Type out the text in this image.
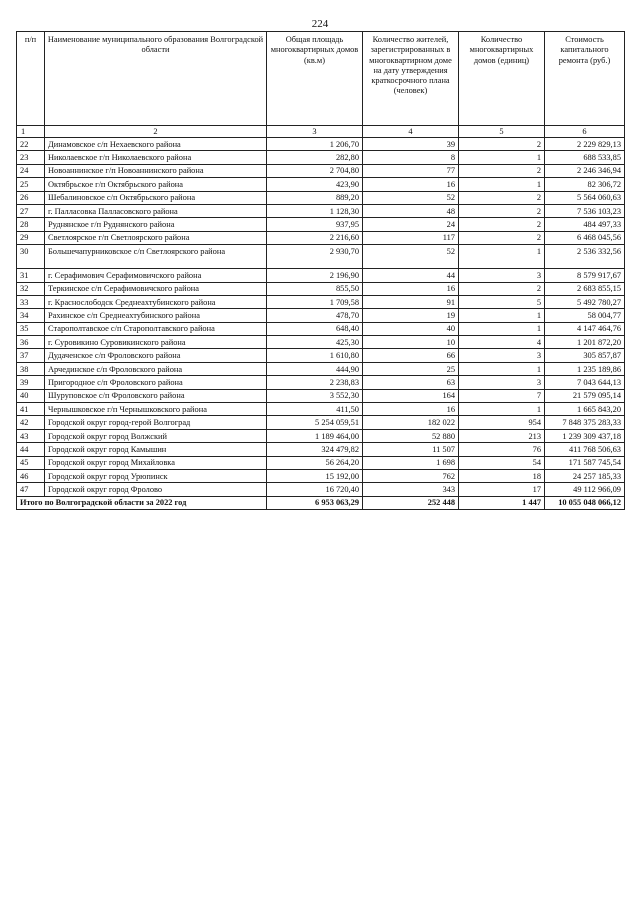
224
п/п	Наименование муниципального образования Волгоградской области	Общая площадь многоквартирных домов (кв.м)	Количество жителей, зарегистрированных в многоквартирном доме на дату утверждения краткосрочного плана (человек)	Количество многоквартирных домов (единиц)	Стоимость капитального ремонта (руб.)
1	2	3	4	5	6
22	Динамовское с/п Нехаевского района	1 206,70	39	2	2 229 829,13
23	Николаевское г/п Николаевского района	282,80	8	1	688 533,85
24	Новоаннинское г/п Новоаннинского района	2 704,80	77	2	2 246 346,94
25	Октябрьское г/п Октябрьского района	423,90	16	1	82 306,72
26	Шебалиновское с/п Октябрьского района	889,20	52	2	5 564 060,63
27	г. Палласовка Палласовского района	1 128,30	48	2	7 536 103,23
28	Руднянское г/п Руднянского района	937,95	24	2	484 497,33
29	Светлоярское г/п Светлоярского района	2 216,60	117	2	6 468 045,56
30	Большечапурниковское с/п Светлоярского района	2 930,70	52	1	2 536 332,56
31	г. Серафимович Серафимовичского района	2 196,90	44	3	8 579 917,67
32	Теркинское с/п Серафимовичского района	855,50	16	2	2 683 855,15
33	г. Краснослободск Среднеахтубинского района	1 709,58	91	5	5 492 780,27
34	Рахинское с/п Среднеахтубинского района	478,70	19	1	58 004,77
35	Старополтавское с/п Старополтавского района	648,40	40	1	4 147 464,76
36	г. Суровикино Суровикинского района	425,30	10	4	1 201 872,20
37	Дудаченское с/п Фроловского района	1 610,80	66	3	305 857,87
38	Арчединское с/п Фроловского района	444,90	25	1	1 235 189,86
39	Пригородное с/п Фроловского района	2 238,83	63	3	7 043 644,13
40	Шуруповское с/п Фроловского района	3 552,30	164	7	21 579 095,14
41	Чернышковское г/п Чернышковского района	411,50	16	1	1 665 843,20
42	Городской округ город-герой Волгоград	5 254 059,51	182 022	954	7 848 375 283,33
43	Городской округ город Волжский	1 189 464,00	52 880	213	1 239 309 437,18
44	Городской округ город Камышин	324 479,82	11 507	76	411 768 506,63
45	Городской округ город Михайловка	56 264,20	1 698	54	171 587 745,54
46	Городской округ город Урюпинск	15 192,00	762	18	24 257 185,33
47	Городской округ город Фролово	16 720,40	343	17	49 112 966,09
Итого по Волгоградской области за 2022 год		6 953 063,29	252 448	1 447	10 055 048 066,12
